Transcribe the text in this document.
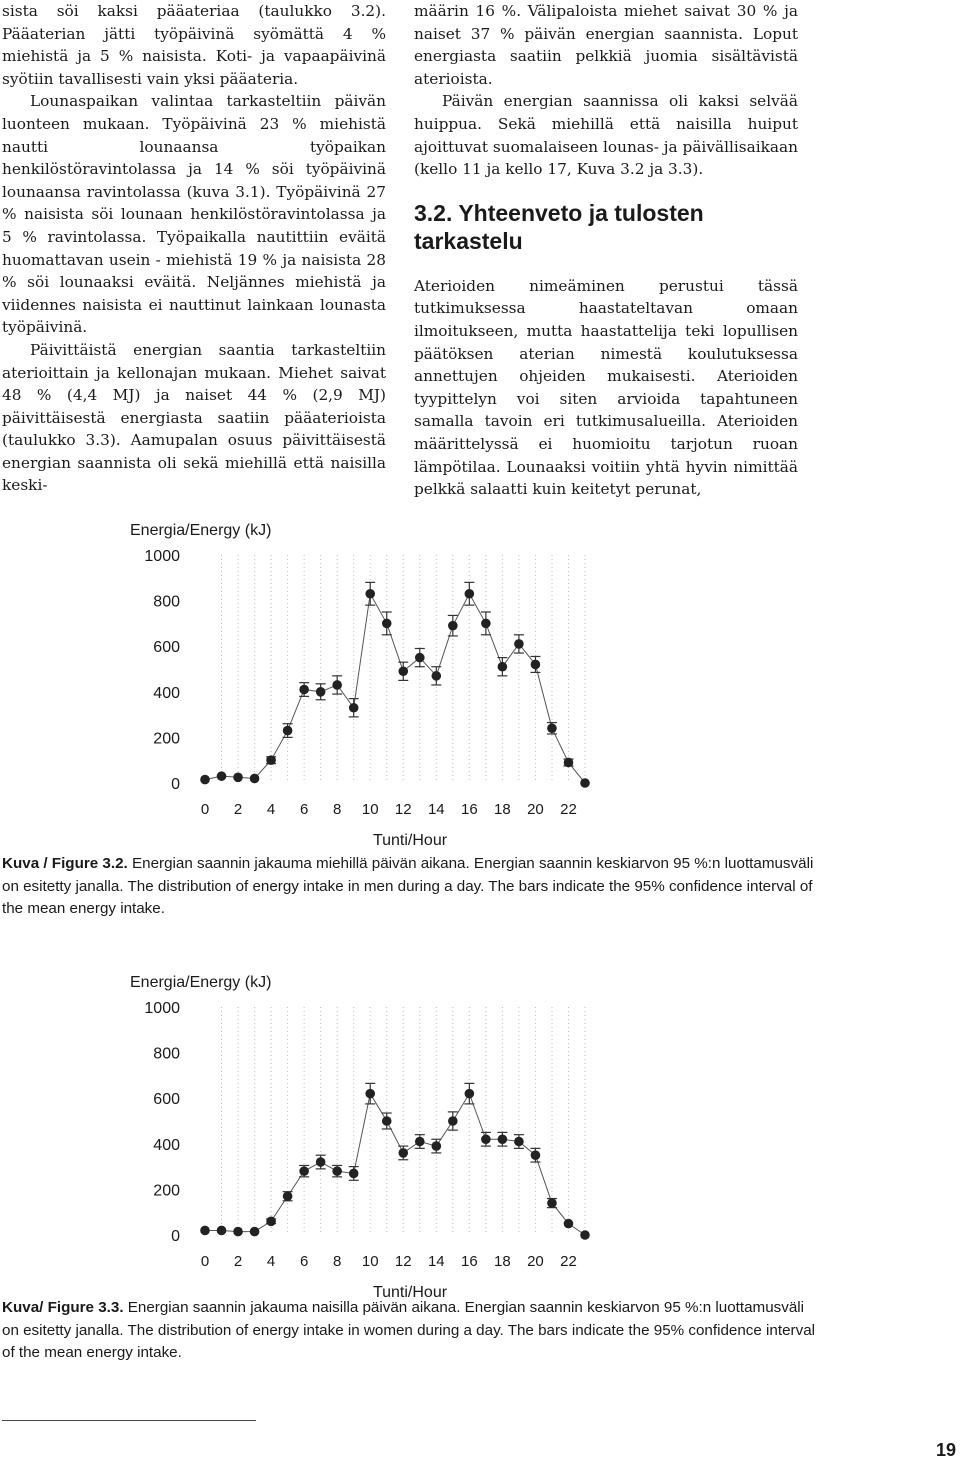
sista söi kaksi pääateriaa (taulukko 3.2). Pääaterian jätti työpäivinä syömättä 4 % miehistä ja 5 % naisista. Koti- ja vapaapäivinä syötiin tavallisesti vain yksi pääateria.

Lounaspaikan valintaa tarkasteltiin päivän luonteen mukaan. Työpäivinä 23 % miehistä nautti lounaansa työpaikan henkilöstöravintolassa ja 14 % söi työpäivinä lounaansa ravintolassa (kuva 3.1). Työpäivinä 27 % naisista söi lounaan henkilöstöravintolassa ja 5 % ravintolassa. Työpaikalla nautittiin eväitä huomattavan usein - miehistä 19 % ja naisista 28 % söi lounaaksi eväitä. Neljännes miehistä ja viidennes naisista ei nauttinut lainkaan lounasta työpäivinä.

Päivittäistä energian saantia tarkasteltiin aterioittain ja kellonajan mukaan. Miehet saivat 48 % (4,4 MJ) ja naiset 44 % (2,9 MJ) päivittäisestä energiasta saatiin pääaterioista (taulukko 3.3). Aamupalan osuus päivittäisestä energian saannista oli sekä miehillä että naisilla keski-

määrin 16 %. Välipaloista miehet saivat 30 % ja naiset 37 % päivän energian saannista. Loput energiasta saatiin pelkkiä juomia sisältävistä aterioista.

Päivän energian saannissa oli kaksi selvää huippua. Sekä miehillä että naisilla huiput ajoittuvat suomalaiseen lounas- ja päivällisaikaan (kello 11 ja kello 17, Kuva 3.2 ja 3.3).

3.2. Yhteenveto ja tulosten tarkastelu

Aterioiden nimeäminen perustui tässä tutkimuksessa haastateltavan omaan ilmoitukseen, mutta haastattelija teki lopullisen päätöksen aterian nimestä koulutuksessa annettujen ohjeiden mukaisesti. Aterioiden tyypittelyn voi siten arvioida tapahtuneen samalla tavoin eri tutkimusalueilla. Aterioiden määrittelyssä ei huomioitu tarjotun ruoan lämpötilaa. Lounaaksi voitiin yhtä hyvin nimittää pelkkä salaatti kuin keitetyt perunat,

Energia/Energy (kJ)
0
200
400
600
800
1000
0 2 4 6 8 10 12 14 16 18 20 22
Tunti/Hour
Kuva / Figure 3.2. Energian saannin jakauma miehillä päivän aikana. Energian saannin keskiarvon 95 %:n luottamusväli on esitetty janalla. The distribution of energy intake in men during a day. The bars indicate the 95% confidence interval of the mean energy intake.
Energia/Energy (kJ)
0
200
400
600
800
1000
0 2 4 6 8 10 12 14 16 18 20 22
Tunti/Hour
Kuva/ Figure 3.3. Energian saannin jakauma naisilla päivän aikana. Energian saannin keskiarvon 95 %:n luottamusväli on esitetty janalla. The distribution of energy intake in women during a day. The bars indicate the 95% confidence interval of the mean energy intake.
19
